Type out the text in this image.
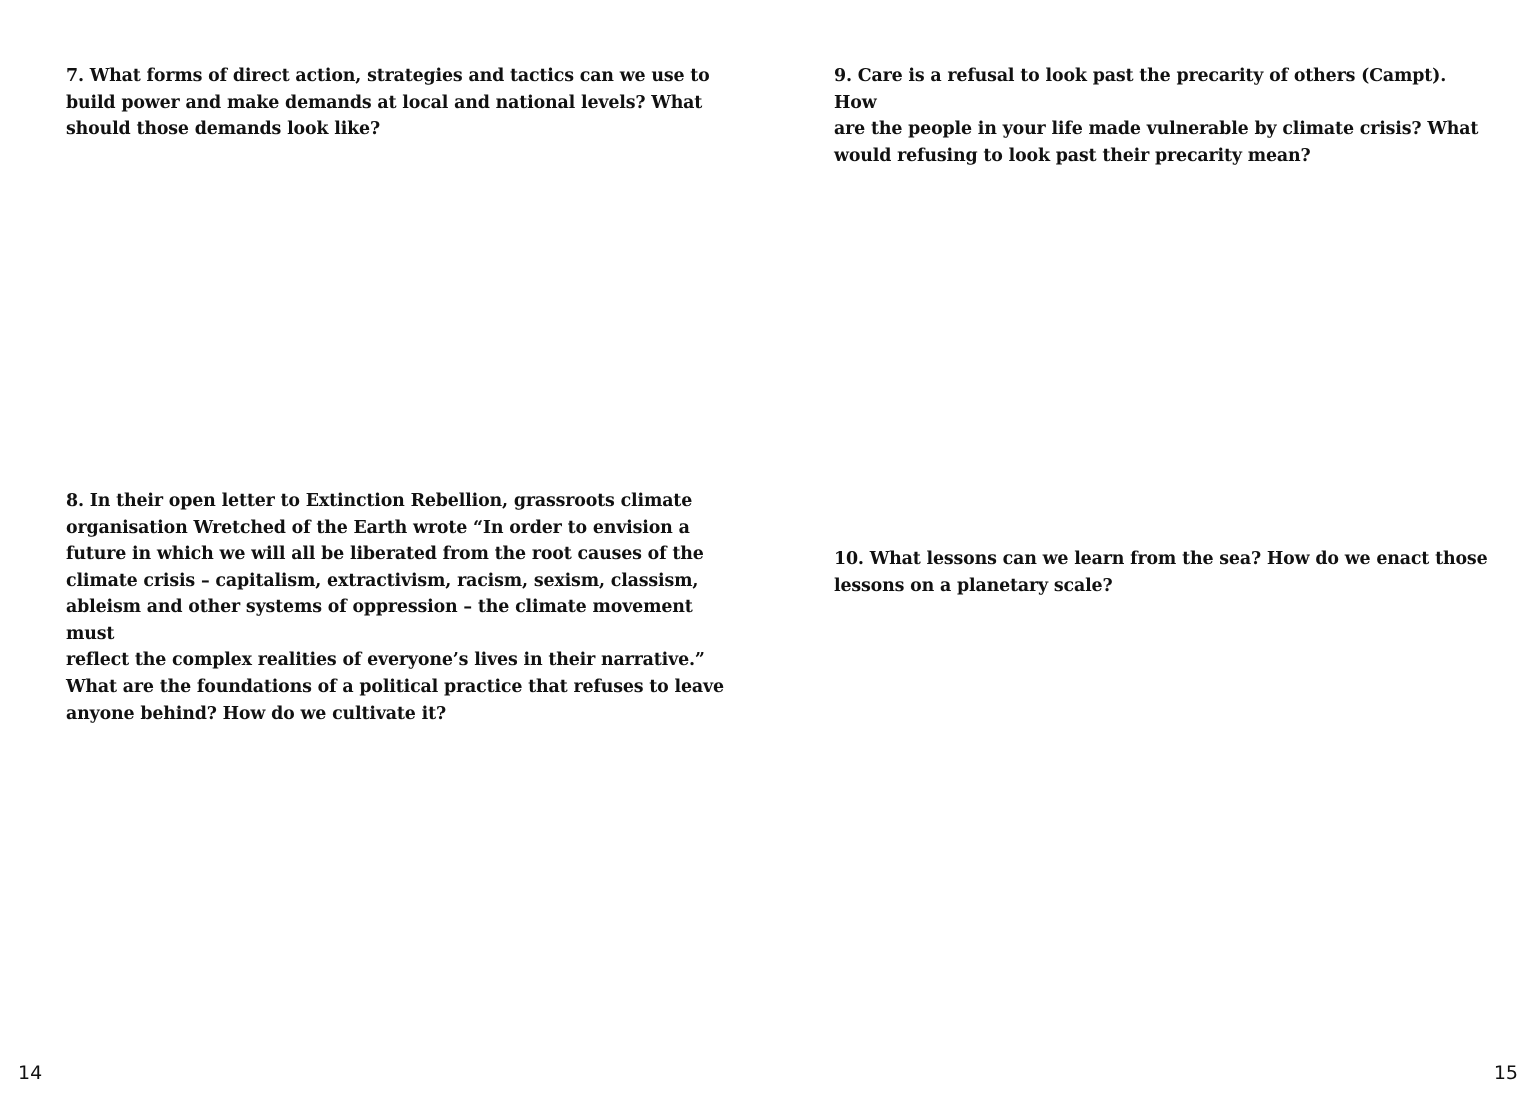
7. What forms of direct action, strategies and tactics can we use to
build power and make demands at local and national levels? What
should those demands look like?

8. In their open letter to Extinction Rebellion, grassroots climate
organisation Wretched of the Earth wrote “In order to envision a
future in which we will all be liberated from the root causes of the
climate crisis – capitalism, extractivism, racism, sexism, classism,
ableism and other systems of oppression – the climate movement must
reflect the complex realities of everyone’s lives in their narrative.”

What are the foundations of a political practice that refuses to leave
anyone behind? How do we cultivate it?

14

9. Care is a refusal to look past the precarity of others (Campt). How
are the people in your life made vulnerable by climate crisis? What
would refusing to look past their precarity mean?

10. What lessons can we learn from the sea? How do we enact those
lessons on a planetary scale?

15
